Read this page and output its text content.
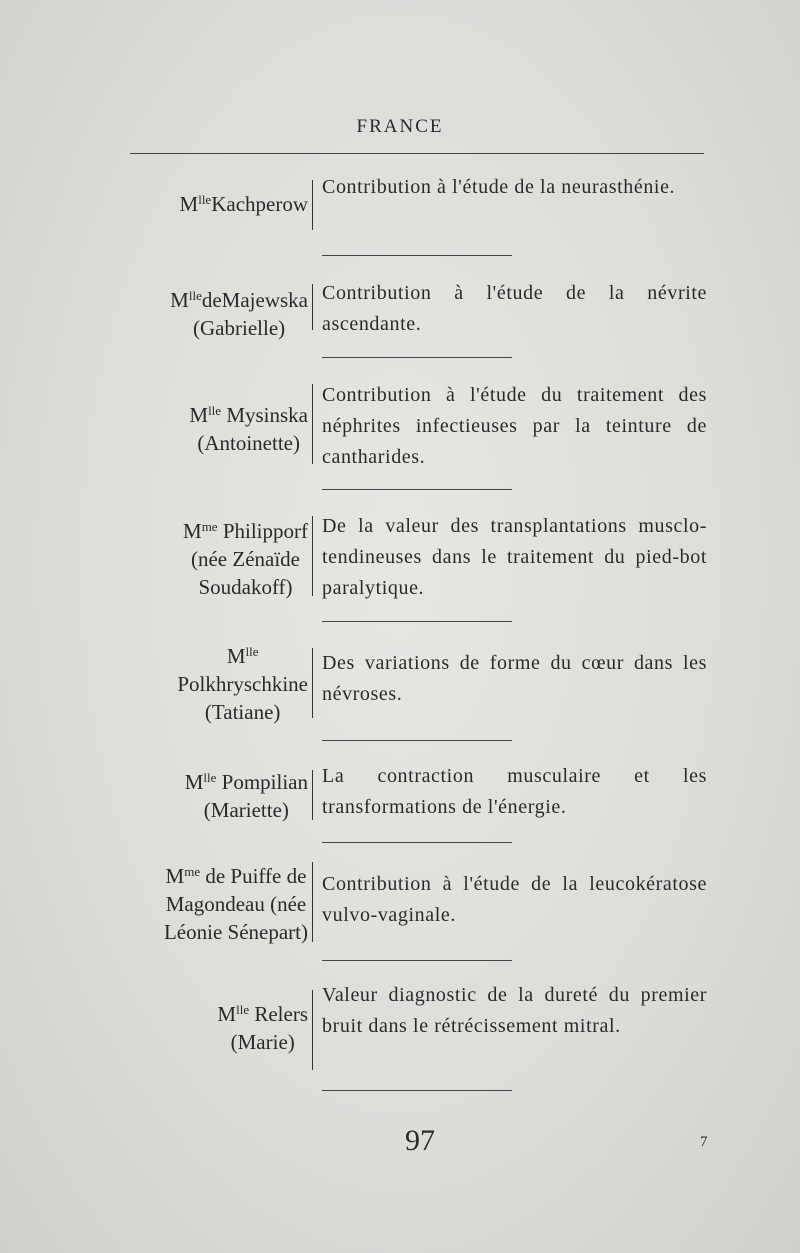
FRANCE
$M^{lle}Kachperow$
Contribution à l'étude de la neurasthénie.
$M^{lle}deMajewska$
(Gabrielle)
Contribution à l'étude de la névrite ascendante.
$M^{lle}$ Mysinska
(Antoinette)
Contribution à l'étude du traitement des néphrites infectieuses par la teinture de cantharides.
$M^{me}$ Philipporf
(née Zénaïde
Soudakoff)
De la valeur des transplantations musclo-tendineuses dans le traitement du pied-bot paralytique.
$M^{lle}$
Polkhryschkine
(Tatiane)
Des variations de forme du cœur dans les névroses.
$M^{lle}$ Pompilian
(Mariette)
La contraction musculaire et les transformations de l'énergie.
$M^{me}$ de Puiffe de
Magondeau (née
Léonie Sénepart)
Contribution à l'étude de la leucokératose vulvo-vaginale.
$M^{lle}$ Relers
(Marie)
Valeur diagnostic de la dureté du premier bruit dans le rétrécissement mitral.
97	7
